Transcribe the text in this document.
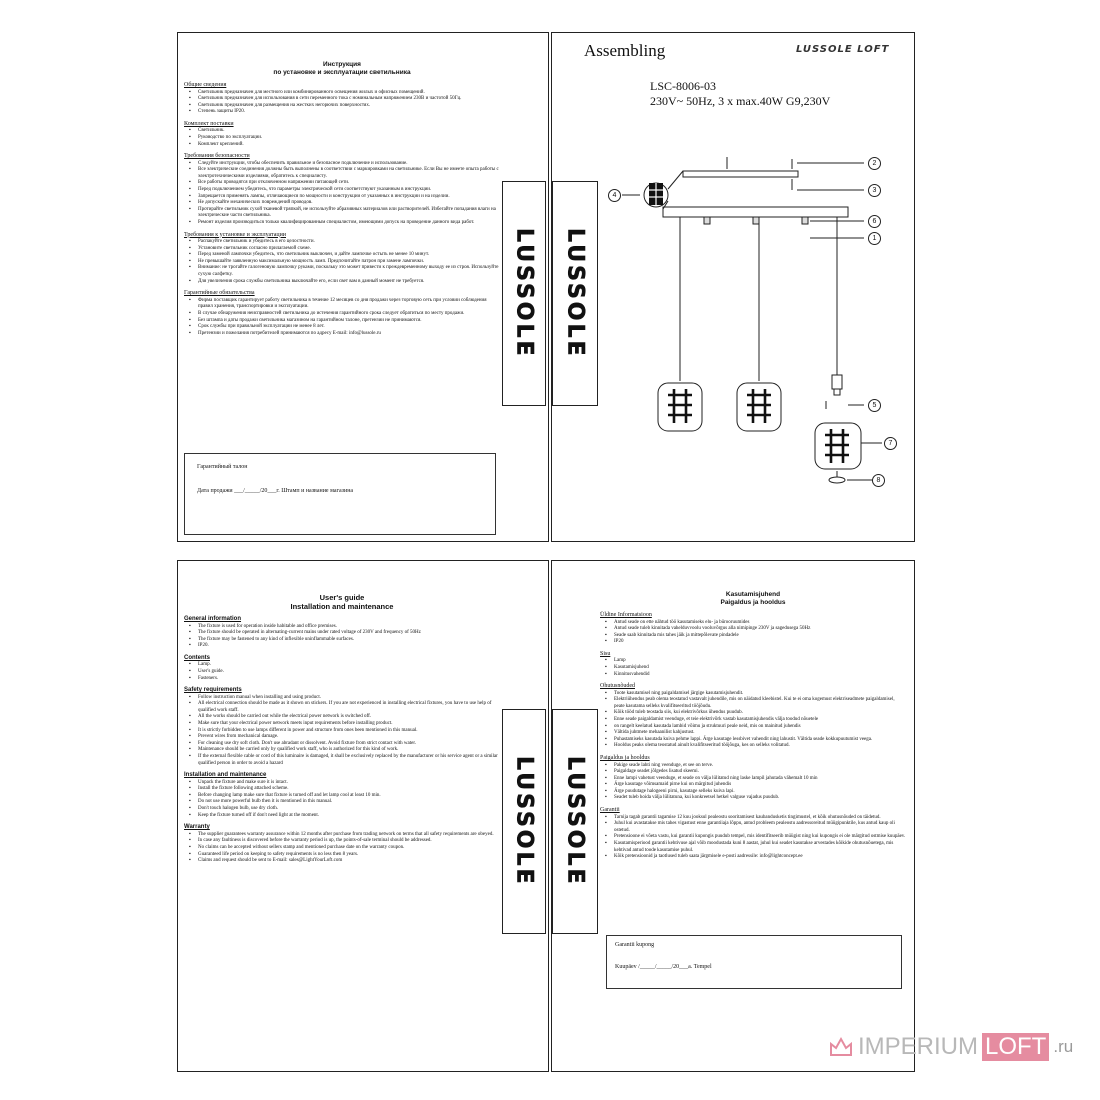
Инструкция
по установке и эксплуатации светильника
Общие сведения
▪ Светильник предназначен для местного или комбинированного освещения жилых и офисных помещений.
▪ Светильник предназначен для использования в сети переменного тока с номинальным напряжением 230В и частотой 50Гц.
▪ Светильник предназначен для размещения на жестких негорючих поверхностях.
▪ Степень защиты IP20.
Комплект поставки
▪ Светильник.
▪ Руководство по эксплуатации.
▪ Комплект креплений.
Требования безопасности
▪ Следуйте инструкции, чтобы обеспечить правильное и безопасное подключение и использование.
▪ Все электрические соединения должны быть выполнены в соответствии с маркировками на светильнике. Если Вы не имеете опыта работы с электротехническими изделиями, обратитесь к специалисту.
▪ Все работы проводятся при отключенном напряжении питающей сети.
▪ Перед подключением убедитесь, что параметры электрической сети соответствуют указанным в инструкции.
▪ Запрещается применять лампы, отличающиеся по мощности и конструкции от указанных в инструкции и на изделии.
▪ Не допускайте механических повреждений проводов.
▪ Протирайте светильник сухой тканевой тряпкой, не используйте абразивных материалов или растворителей. Избегайте попадания влаги на электрические части светильника.
▪ Ремонт изделия производиться только квалифицированным специалистом, имеющими допуск на проведение данного вида работ.
Требования к установке и эксплуатации
▪ Распакуйте светильник и убедитесь в его целостности.
▪ Установите светильник согласно прилагаемой схеме.
▪ Перед заменой лампочки убедитесь, что светильник выключен, и дайте лампочке остыть не менее 10 минут.
▪ Не превышайте заявленную максимальную мощность ламп. Предпочитайте патрон при замене лампочки.
▪ Внимание: не трогайте галогеновую лампочку руками, поскольку это может привести к преждевременному выходу ее из строя. Используйте сухую салфетку.
▪ Для увеличения срока службы светильника выключайте его, если свет вам в данный момент не требуется.
Гарантийные обязательства
▪ Фирма поставщик гарантирует работу светильника в течение 12 месяцев со дня продажи через торговую сеть при условии соблюдения правил хранения, транспортировки и эксплуатации.
▪ В случае обнаружения неисправностей светильника до истечения гарантийного срока следует обратиться по месту продажи.
▪ Без штампа и даты продажи светильника магазином на гарантийном талоне, претензии не принимаются.
▪ Срок службы при правильной эксплуатации не менее 8 лет.
▪ Претензии и пожелания потребителей принимаются по адресу E-mail: info@lussole.ru	LUSSOLE
Гарантийный талон
Дата продажи ___/_____/20___г. Штамп и название магазина
Assembling	LUSSOLE LOFT
LSC-8006-03
230V~ 50Hz, 3 x max.40W G9,230V
LUSSOLE	1
2
3
4
5
6
7
8
User's guide
Installation and maintenance
General information
▪ The fixture is used for operation inside habitable and office premises.
▪ The fixture should be operated in alternating-current mains under rated voltage of 230V and frequency of 50Hz
▪ The fixture may be fastened to any kind of inflexible uninflammable surfaces.
▪ IP20.
Contents
▪ Lamp.
▪ User's guide.
▪ Fasteners.
Safety requirements
▪ Follow instruction manual when installing and using product.
▪ All electrical connection should be made as it shown on stickers. If you are not experienced in installing electrical fixtures, you have to use help of qualified work staff.
▪ All the works should be carried out while the electrical power network is switched off.
▪ Make sure that your electrical power network meets input requirements before installing product.
▪ It is strictly forbidden to use lamps different in power and structure from ones been mentioned in this manual.
▪ Prevent wires from mechanical damage.
▪ For cleaning use dry soft cloth. Don't use abradant or dissolvent. Avoid fixture from strict contact with water.
▪ Maintenance should be carried only by qualified work staff, who is authorized for this kind of work.
▪ If the external flexible cable or cord of this luminaire is damaged, it shall be exclusively replaced by the manufacturer or his service agent or a similar qualified person in order to avoid a hazard
Installation and maintenance
▪ Unpack the fixture and make sure it is intact.
▪ Install the fixture following attached scheme.
▪ Before changing lamp make sure that fixture is turned off and let lamp cool at least 10 min.
▪ Do not use more powerful bulb then it is mentioned in this manual.
▪ Don't touch halogen bulb, use dry cloth.
▪ Keep the fixture turned off if don't need light at the moment.
Warranty
▪ The supplier guarantees warranty assurance within 12 months after purchase from trading network on terms that all safety requirements are obeyed.
▪ In case any faultiness is discovered before the warranty period is up, the points-of-sale terminal should be addressed.
▪ No claims can be accepted without sellers stamp and mentioned purchase date on the warranty coupon.
▪ Guaranteed life period on keeping to safety requirements is no less then 8 years.
▪ Claims and request should be sent to E-mail: sales@LightYourLoft.com	LUSSOLE LUSSOLE
Kasutamisjuhend
Paigaldus ja hooldus
Üldine Informatsioon
▪ Antud seade on ette nähtud töö kasutamiseks elu- ja bürooruumides
▪ Antud seade tuleb kinnitada vahelduvvoolu vooluvõrgus alla nimipinge 230V ja sagedusega 50Hz
▪ Seade saab kinnitada mis tahes jäik ja mittepõlevate pindadele
▪ IP20
Sisu
▪ Lamp
▪ Kasutamisjuhend
▪ Kinnitusvahendid
Ohutusnõuded
▪ Toote kasutamisel ning paigaldamisel järgige kasutamisjuhendit.
▪ Elektriühendus peab olema teostatud vastavalt juhendile, mis on näidatud kleebistel. Kui te ei oma kogemust elektriseadmete paigaldamisel, peate kasutama selleks kvalifitseeritud tööjõudu.
▪ Kõik tööd tuleb teostada siis, kui elektrivõrkus ühendus puudub.
▪ Enne seade paigaldamist veenduge, et teie elektrivõrk vastab kasutamisjuhendis välja toodud nõuetele
▪ on rangelt keelatud kasutada lambid võimu ja struktuuri peale neid, mis on mainitud juhendis
▪ Vältida juhtmete mehaanilist kahjustust.
▪ Puhastamiseks kasutada kuiva pehme lappi. Ärge kasutage lessbivet vahendit ning lahustit. Vältida seade kokkupuutumist veega.
▪ Hooldus peaks olema teostatud ainult kvalifitseeritud tööjõuga, kes on selleks volitatud.
Paigaldus ja hooldus
▪ Pakige seade lahti ning veenduge, et see on terve.
▪ Paigaldage seadet jõlgedes lisatud skeemi.
▪ Enne lampi vahetust veenduge, et seade on välja lülitatud ning laske lampil jahutada vähemalt 10 min
▪ Ärge kasutage võimsamaid pirne kui on märgitud juhendis
▪ Ärge puudutage halogeeni pirni, kasutage selleks kuiva lapi.
▪ Seadet tuleb hoida välja lülitatuna, kui konkreetsel hetkel valguse vajadus puudub.
Garantii
▪ Tarnija tagab garantii tagamise 12 kuu jooksul pealeostu sooritamisest kaubandusketis tingimustel, et kõik ohutusnõuded on täidetud.
▪ Juhul kui avastatakse mis tahes vigastust enne garantiiaja lõppu, antud probleem pealeostu aadressoreitud müügipunktile, kus antud kaup oli ostetud.
▪ Pretensioone ei võeta vastu, kui garantii kupongis puudub tempel, mis identifitseerib müügist ning kui kupongis ei ole märgitud ostmise kuupäev.
▪ Kasutamisperiood garantii kehtivuse ajal võib moodustada kuni 8 aastat, juhul kui seadet kasutakse arvestades kõikide ohutusnõuetega, mis kehtivad antud toode kasutamise puhul.
▪ Kõik pretensioonid ja taotlused tuleb saata järgmisele e-posti aadressile: info@lightconcept.ee
Garantii kupong
Kuupäev /_____/_____/20___a. Tempel
IMPERIUM LOFT .ru
